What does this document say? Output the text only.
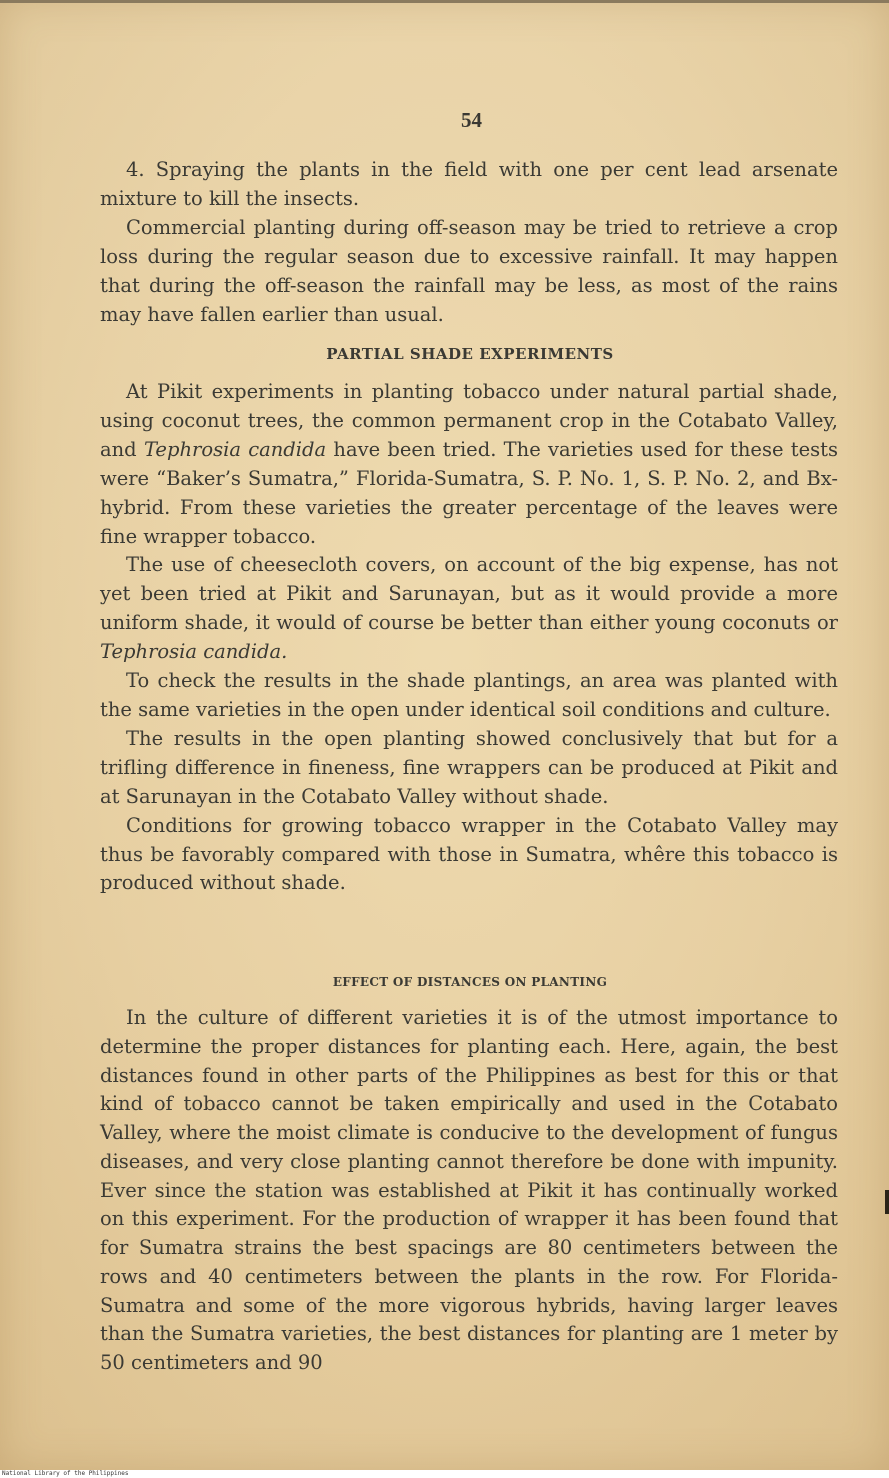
54

4. Spraying the plants in the field with one per cent lead arsenate mixture to kill the insects.

Commercial planting during off-season may be tried to retrieve a crop loss during the regular season due to excessive rainfall. It may happen that during the off-season the rainfall may be less, as most of the rains may have fallen earlier than usual.

PARTIAL SHADE EXPERIMENTS

At Pikit experiments in planting tobacco under natural partial shade, using coconut trees, the common permanent crop in the Cotabato Valley, and Tephrosia candida have been tried. The varieties used for these tests were “Baker’s Sumatra,” Florida-Sumatra, S. P. No. 1, S. P. No. 2, and Bx-hybrid. From these varieties the greater percentage of the leaves were fine wrapper tobacco.

The use of cheesecloth covers, on account of the big expense, has not yet been tried at Pikit and Sarunayan, but as it would provide a more uniform shade, it would of course be better than either young coconuts or Tephrosia candida.

To check the results in the shade plantings, an area was planted with the same varieties in the open under identical soil conditions and culture.

The results in the open planting showed conclusively that but for a trifling difference in fineness, fine wrappers can be produced at Pikit and at Sarunayan in the Cotabato Valley without shade.

Conditions for growing tobacco wrapper in the Cotabato Valley may thus be favorably compared with those in Sumatra, whêre this tobacco is produced without shade.

EFFECT OF DISTANCES ON PLANTING

In the culture of different varieties it is of the utmost importance to determine the proper distances for planting each. Here, again, the best distances found in other parts of the Philippines as best for this or that kind of tobacco cannot be taken empirically and used in the Cotabato Valley, where the moist climate is conducive to the development of fungus diseases, and very close planting cannot therefore be done with impunity. Ever since the station was established at Pikit it has continually worked on this experiment. For the production of wrapper it has been found that for Sumatra strains the best spacings are 80 centimeters between the rows and 40 centimeters between the plants in the row. For Florida-Sumatra and some of the more vigorous hybrids, having larger leaves than the Sumatra varieties, the best distances for planting are 1 meter by 50 centimeters and 90

National Library of the Philippines
